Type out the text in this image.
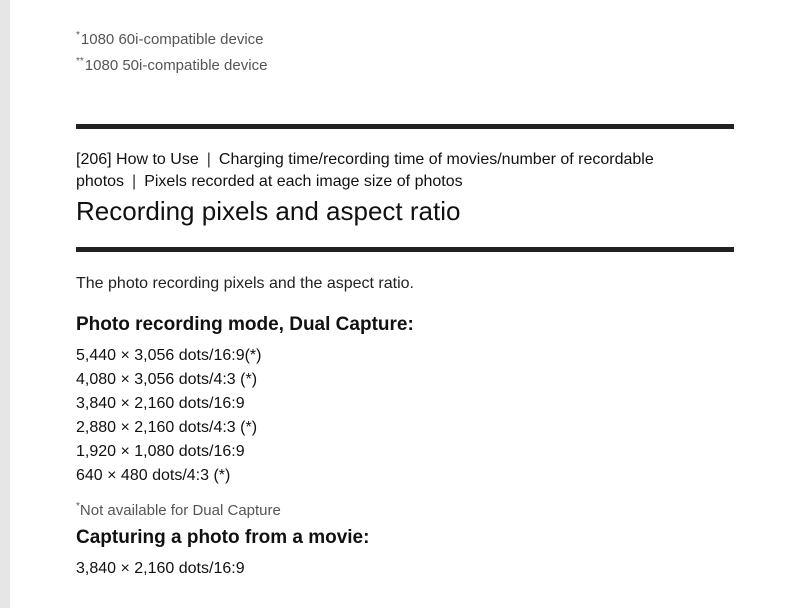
*1080 60i-compatible device
**1080 50i-compatible device
[206] How to Use | Charging time/recording time of movies/number of recordable photos | Pixels recorded at each image size of photos
Recording pixels and aspect ratio
The photo recording pixels and the aspect ratio.
Photo recording mode, Dual Capture:
5,440 × 3,056 dots/16:9(*)
4,080 × 3,056 dots/4:3 (*)
3,840 × 2,160 dots/16:9
2,880 × 2,160 dots/4:3 (*)
1,920 × 1,080 dots/16:9
640 × 480 dots/4:3 (*)
*Not available for Dual Capture
Capturing a photo from a movie:
3,840 × 2,160 dots/16:9
